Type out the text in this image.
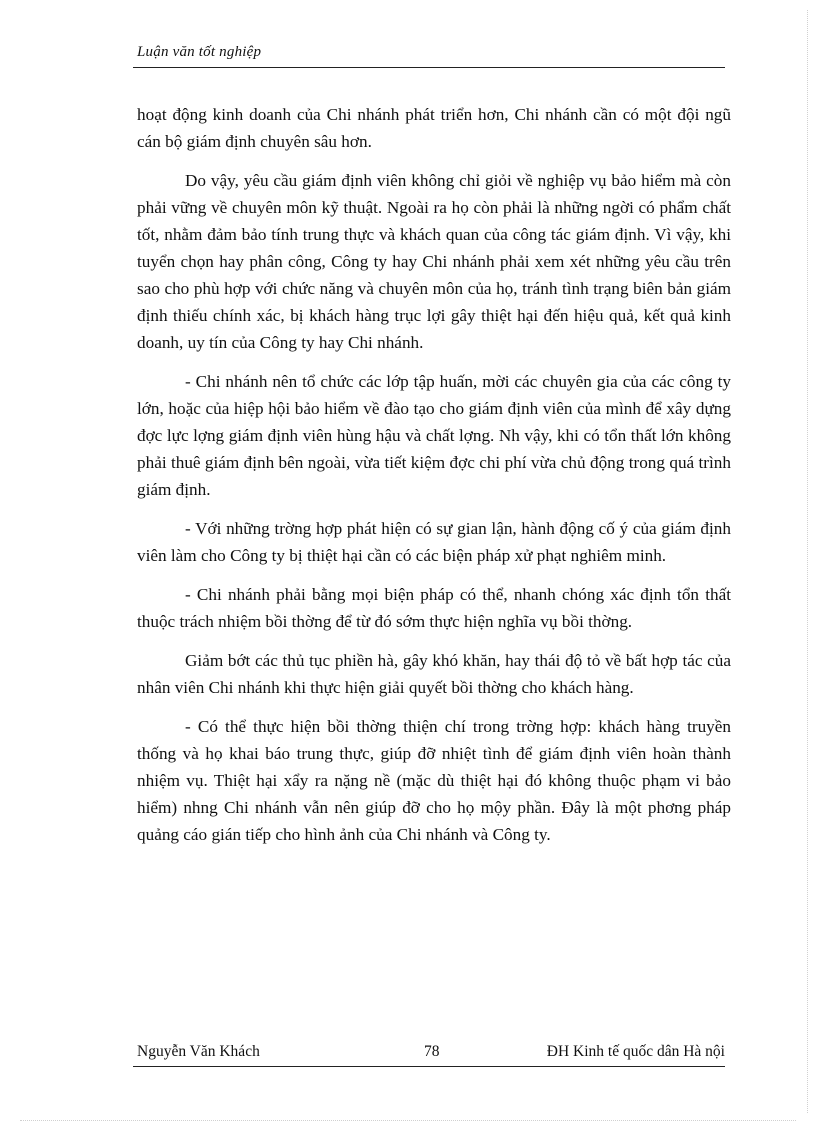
Luận văn tốt nghiệp

hoạt động kinh doanh của Chi nhánh phát triển hơn, Chi nhánh cần có một đội ngũ cán bộ giám định chuyên sâu hơn.

Do vậy, yêu cầu giám định viên không chỉ giỏi về nghiệp vụ bảo hiểm mà còn phải vững về chuyên môn kỹ thuật. Ngoài ra họ còn phải là những ngời có phẩm chất tốt, nhằm đảm bảo tính trung thực và khách quan của công tác giám định. Vì vậy, khi tuyển chọn hay phân công, Công ty hay Chi nhánh phải xem xét những yêu cầu trên sao cho phù hợp với chức năng và chuyên môn của họ, tránh tình trạng biên bản giám định thiếu chính xác, bị khách hàng trục lợi gây thiệt hại đến hiệu quả, kết quả kinh doanh, uy tín của Công ty hay Chi nhánh.

- Chi nhánh nên tổ chức các lớp tập huấn, mời các chuyên gia của các công ty lớn, hoặc của hiệp hội bảo hiểm về đào tạo cho giám định viên của mình để xây dựng đợc lực lợng giám định viên hùng hậu và chất lợng. Nh vậy, khi có tổn thất lớn không phải thuê giám định bên ngoài, vừa tiết kiệm đợc chi phí vừa chủ động trong quá trình giám định.

- Với những trờng hợp phát hiện có sự gian lận, hành động cố ý của giám định viên làm cho Công ty bị thiệt hại cần có các biện pháp xử phạt nghiêm minh.

- Chi nhánh phải bằng mọi biện pháp có thể, nhanh chóng xác định tổn thất thuộc trách nhiệm bồi thờng để từ đó sớm thực hiện nghĩa vụ bồi thờng.

Giảm bớt các thủ tục phiền hà, gây khó khăn, hay thái độ tỏ về bất hợp tác của nhân viên Chi nhánh khi thực hiện giải quyết bồi thờng cho khách hàng.

- Có thể thực hiện bồi thờng thiện chí trong trờng hợp: khách hàng truyền thống và họ khai báo trung thực, giúp đỡ nhiệt tình để giám định viên hoàn thành nhiệm vụ. Thiệt hại xẩy ra nặng nề (mặc dù thiệt hại đó không thuộc phạm vi bảo hiểm) nhng Chi nhánh vẫn nên giúp đỡ cho họ mộy phần. Đây là một phơng pháp quảng cáo gián tiếp cho hình ảnh của Chi nhánh và Công ty.

Nguyễn Văn Khách	78	ĐH Kinh tế quốc dân Hà nội
